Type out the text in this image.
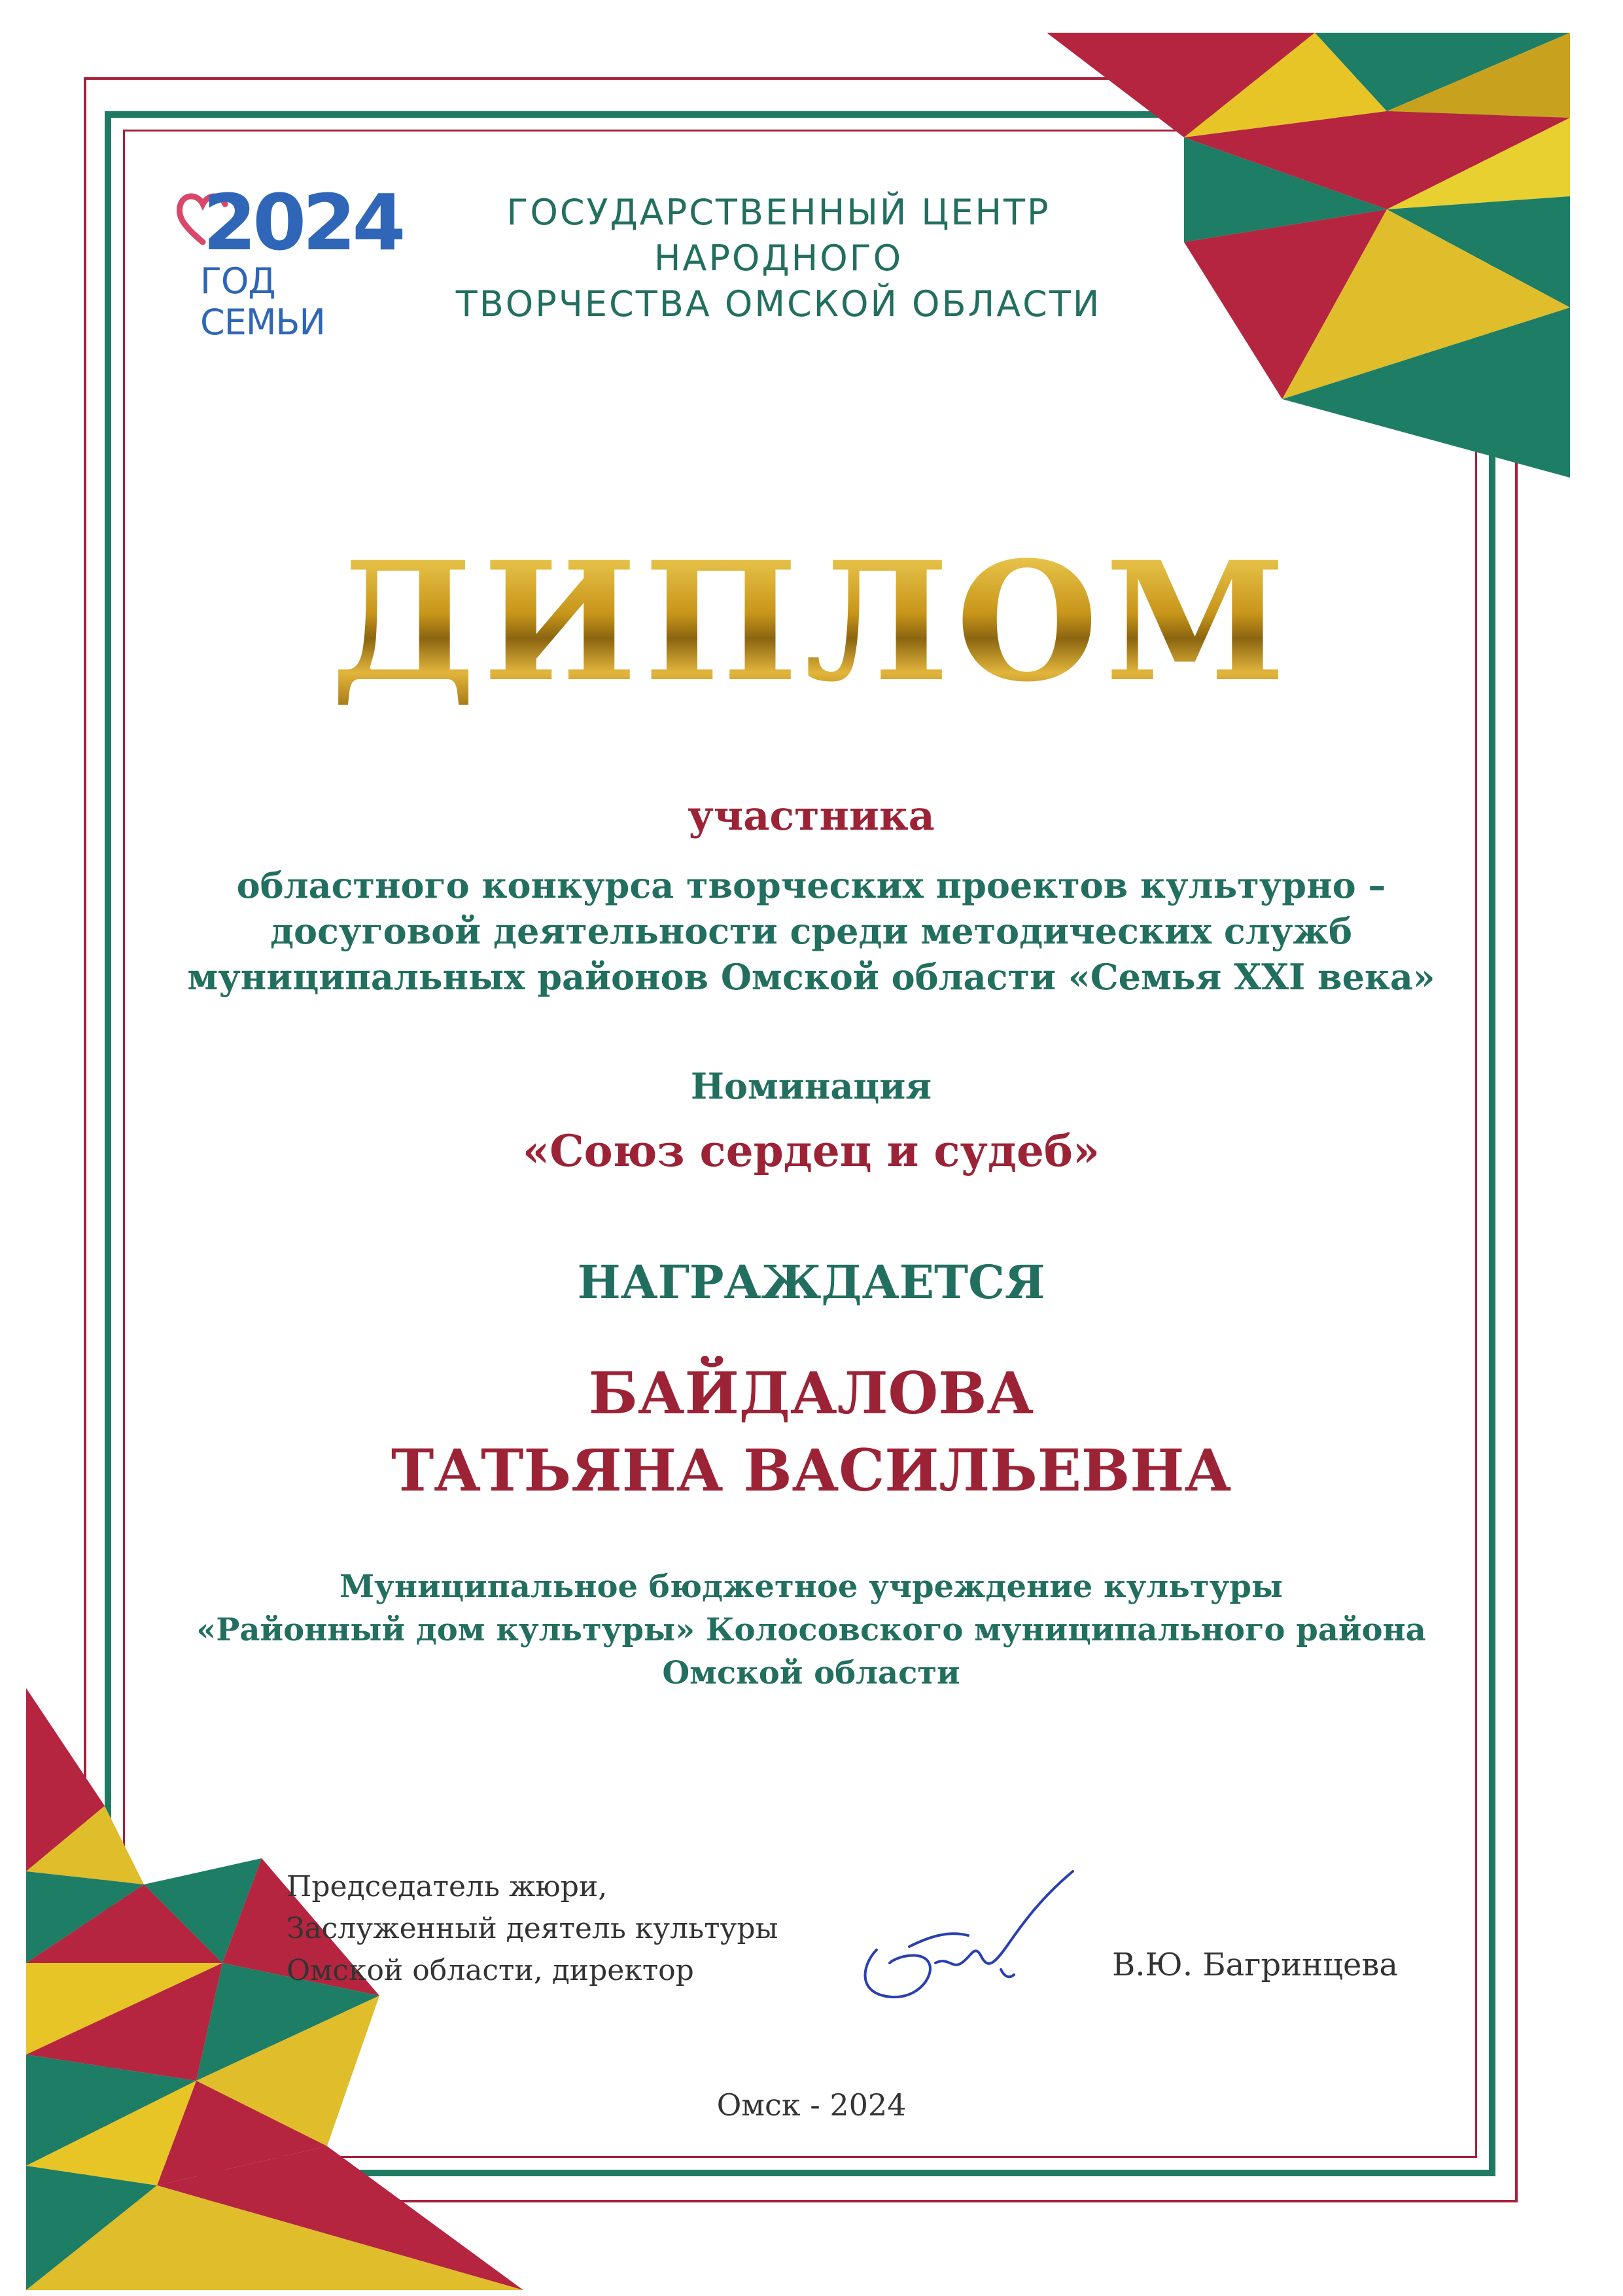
2024
ГОД СЕМЬИ
ГОСУДАРСТВЕННЫЙ ЦЕНТР НАРОДНОГО
ТВОРЧЕСТВА ОМСКОЙ ОБЛАСТИ
ДИПЛОМ
участника
областного конкурса творческих проектов культурно –
досуговой деятельности среди методических служб
муниципальных районов Омской области «Семья XXI века»
Номинация
«Союз сердец и судеб»
НАГРАЖДАЕТСЯ
БАЙДАЛОВА
ТАТЬЯНА ВАСИЛЬЕВНА
Муниципальное бюджетное учреждение культуры
«Районный дом культуры» Колосовского муниципального района
Омской области
Председатель жюри,
Заслуженный деятель культуры
Омской области, директор	В.Ю. Багринцева
Омск - 2024
